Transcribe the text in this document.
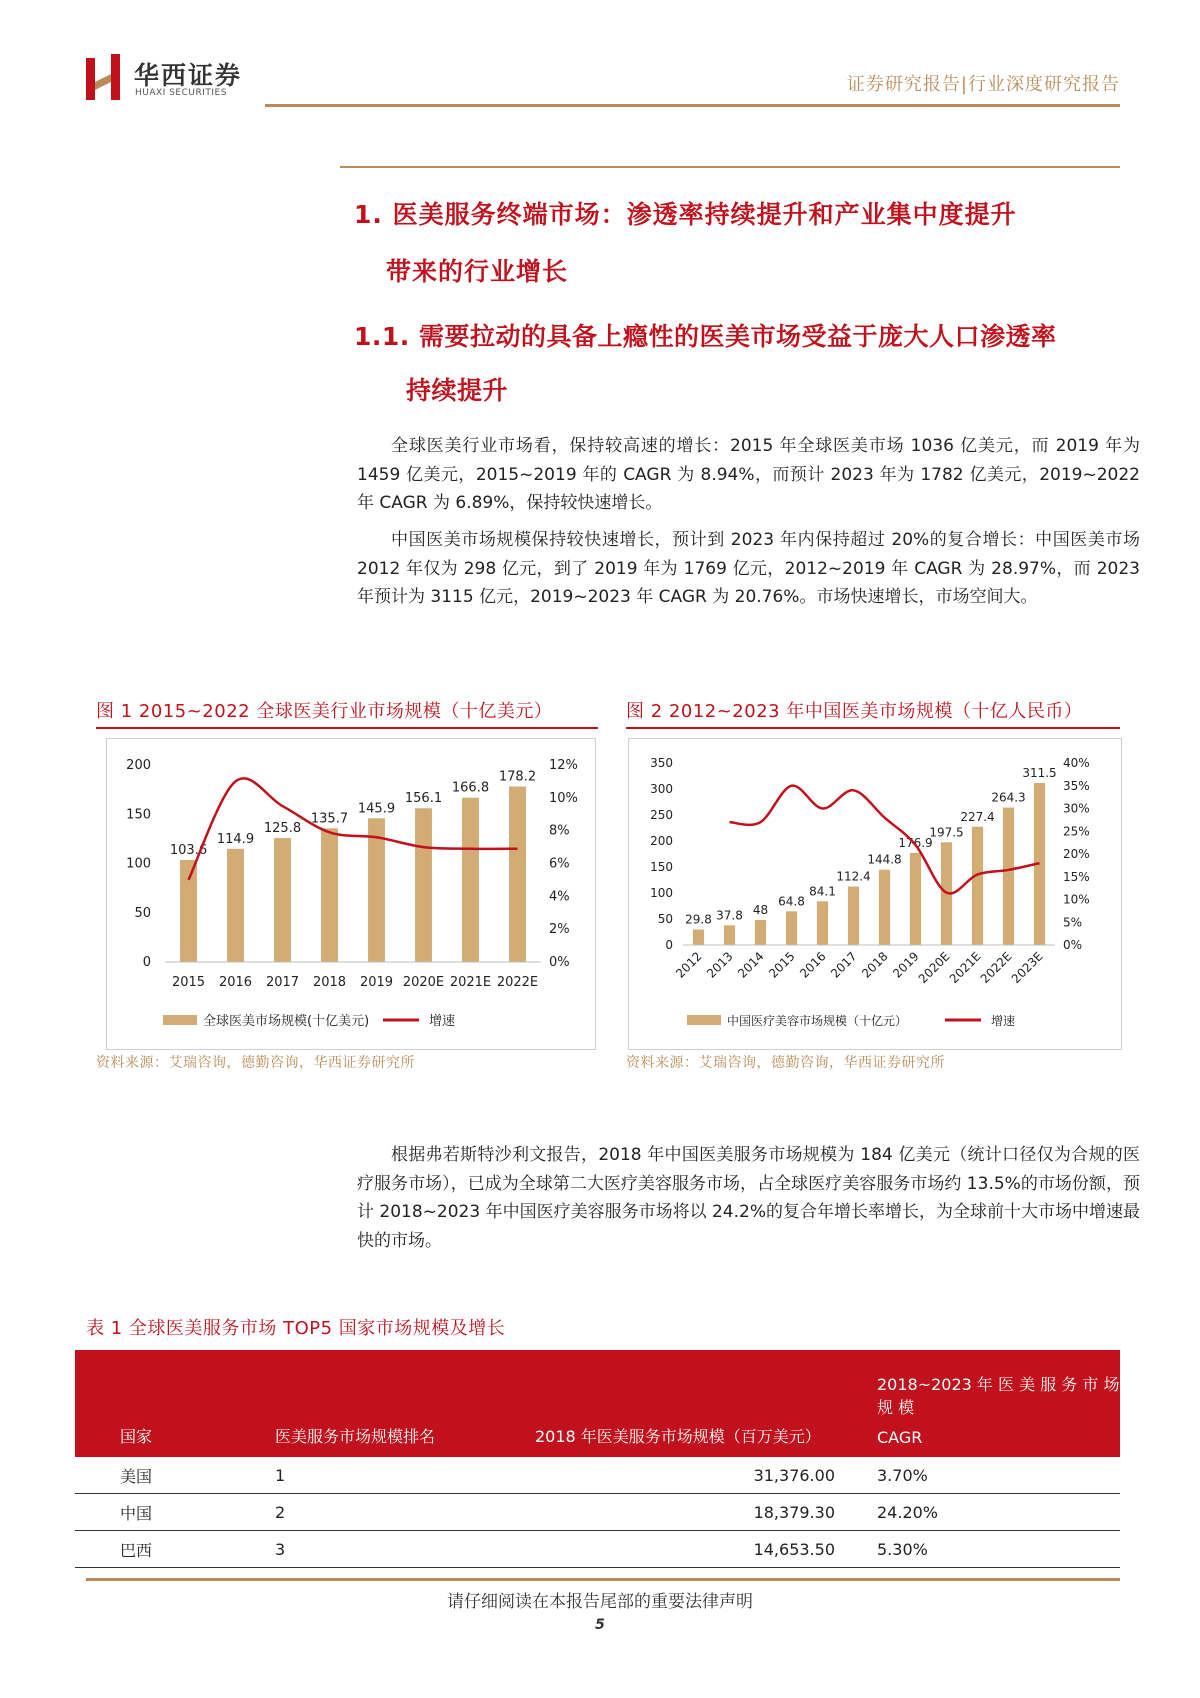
华西证券
HUAXI SECURITIES	证券研究报告|行业深度研究报告
1. 医美服务终端市场：渗透率持续提升和产业集中度提升
带来的行业增长
1.1. 需要拉动的具备上瘾性的医美市场受益于庞大人口渗透率
持续提升

全球医美行业市场看，保持较高速的增长：2015 年全球医美市场 1036 亿美元，而 2019 年为 1459 亿美元，2015~2019 年的 CAGR 为 8.94%，而预计 2023 年为 1782 亿美元，2019~2022 年 CAGR 为 6.89%，保持较快速增长。

中国医美市场规模保持较快速增长，预计到 2023 年内保持超过 20%的复合增长：中国医美市场 2012 年仅为 298 亿元，到了 2019 年为 1769 亿元，2012~2019 年 CAGR 为 28.97%，而 2023 年预计为 3115 亿元，2019~2023 年 CAGR 为 20.76%。市场快速增长，市场空间大。

图 1 2015~2022 全球医美行业市场规模（十亿美元）
0
50
100
150
200
0%
2%
4%
6%
8%
10%
12%
103.6
2015
114.9
2016
125.8
2017
135.7
2018
145.9
2019
156.1
2020E
166.8
2021E
178.2
2022E
全球医美市场规模(十亿美元)	增速
资料来源：艾瑞咨询，德勤咨询，华西证券研究所
图 2 2012~2023 年中国医美市场规模（十亿人民币）
0
50
100
150
200
250
300
350
0%
5%
10%
15%
20%
25%
30%
35%
40%
29.8
2012
37.8
2013
48
2014
64.8
2015
84.1
2016
112.4
2017
144.8
2018
176.9
2019
197.5
2020E
227.4
2021E
264.3
2022E
311.5
2023E
中国医疗美容市场规模（十亿元）	增速
资料来源：艾瑞咨询，德勤咨询，华西证券研究所

根据弗若斯特沙利文报告，2018 年中国医美服务市场规模为 184 亿美元（统计口径仅为合规的医疗服务市场），已成为全球第二大医疗美容服务市场，占全球医疗美容服务市场约 13.5%的市场份额，预计 2018~2023 年中国医疗美容服务市场将以 24.2%的复合年增长率增长，为全球前十大市场中增速最快的市场。

表 1 全球医美服务市场 TOP5 国家市场规模及增长
国家	医美服务市场规模排名	2018 年医美服务市场规模（百万美元）	2018~2023 年 医 美 服 务 市 场 规 模
CAGR

美国	1	31,376.00	3.70%
中国	2	18,379.30	24.20%
巴西	3	14,653.50	5.30%
请仔细阅读在本报告尾部的重要法律声明
5
